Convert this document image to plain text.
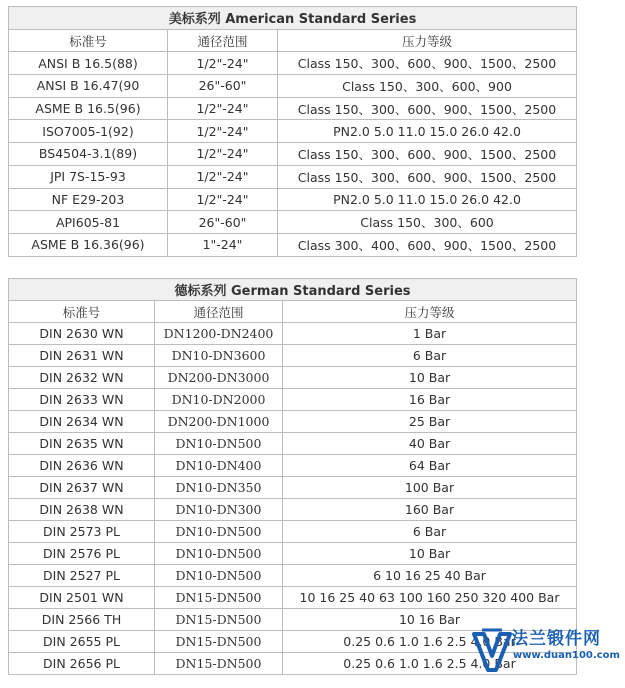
美标系列 American Standard Series		
标准号	通径范围	压力等级
ANSI B 16.5(88)	1/2"-24"	Class 150、300、600、900、1500、2500
ANSI B 16.47(90	26"-60"	Class 150、300、600、900
ASME B 16.5(96)	1/2"-24"	Class 150、300、600、900、1500、2500
ISO7005-1(92)	1/2"-24"	PN2.0 5.0 11.0 15.0 26.0 42.0
BS4504-3.1(89)	1/2"-24"	Class 150、300、600、900、1500、2500
JPI 7S-15-93	1/2"-24"	Class 150、300、600、900、1500、2500
NF E29-203	1/2"-24"	PN2.0 5.0 11.0 15.0 26.0 42.0
API605-81	26"-60"	Class 150、300、600
ASME B 16.36(96)	1"-24"	Class 300、400、600、900、1500、2500
德标系列 German Standard Series		
标准号	通径范围	压力等级
DIN 2630 WN	DN1200-DN2400	1 Bar
DIN 2631 WN	DN10-DN3600	6 Bar
DIN 2632 WN	DN200-DN3000	10 Bar
DIN 2633 WN	DN10-DN2000	16 Bar
DIN 2634 WN	DN200-DN1000	25 Bar
DIN 2635 WN	DN10-DN500	40 Bar
DIN 2636 WN	DN10-DN400	64 Bar
DIN 2637 WN	DN10-DN350	100 Bar
DIN 2638 WN	DN10-DN300	160 Bar
DIN 2573 PL	DN10-DN500	6 Bar
DIN 2576 PL	DN10-DN500	10 Bar
DIN 2527 PL	DN10-DN500	6 10 16 25 40 Bar
DIN 2501 WN	DN15-DN500	10 16 25 40 63 100 160 250 320 400 Bar
DIN 2566 TH	DN15-DN500	10 16 Bar
DIN 2655 PL	DN15-DN500	0.25 0.6 1.0 1.6 2.5 4.0 Bar
DIN 2656 PL	DN15-DN500	0.25 0.6 1.0 1.6 2.5 4.0 Bar
法兰锻件网
www.duan100.com
